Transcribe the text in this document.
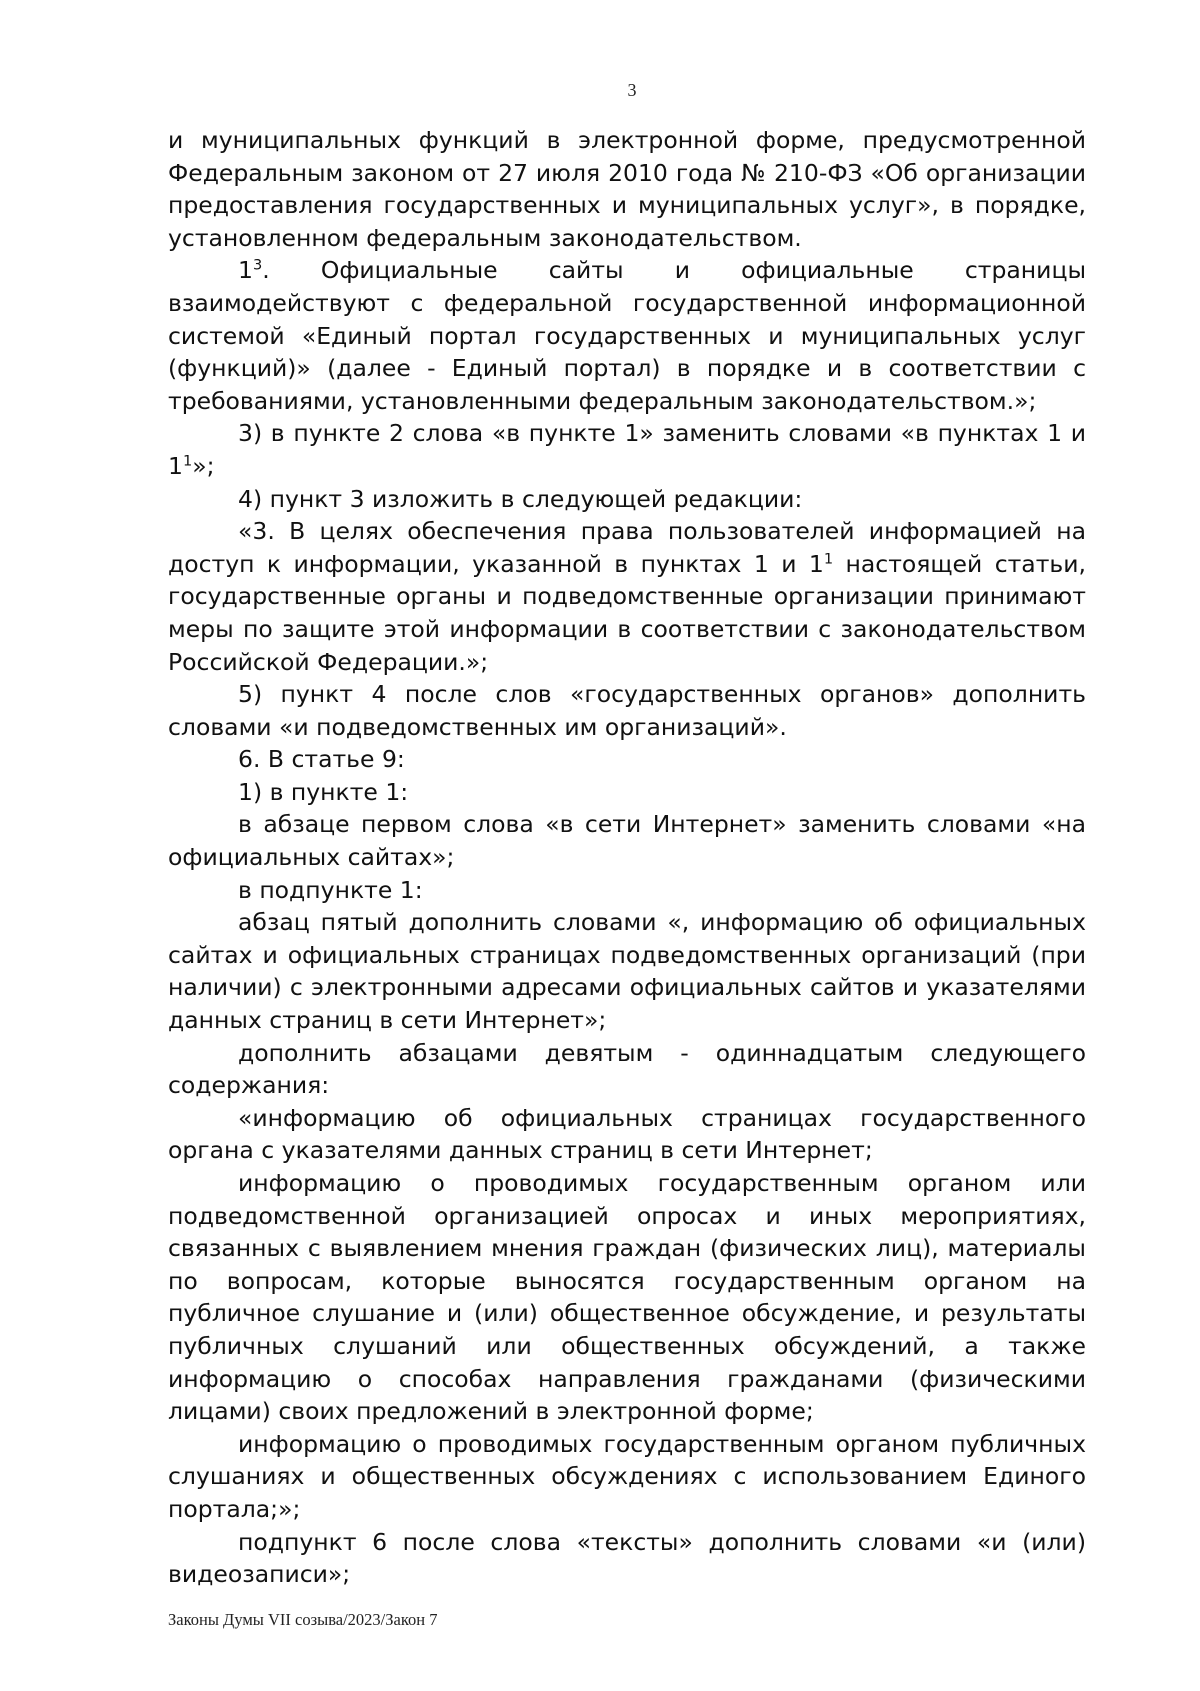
3

и муниципальных функций в электронной форме, предусмотренной Федеральным законом от 27 июля 2010 года № 210-ФЗ «Об организации предоставления государственных и муниципальных услуг», в порядке, установленном федеральным законодательством.

$1^3$. Официальные сайты и официальные страницы взаимодействуют с федеральной государственной информационной системой «Единый портал государственных и муниципальных услуг (функций)» (далее - Единый портал) в порядке и в соответствии с требованиями, установленными федеральным законодательством.»;

3) в пункте 2 слова «в пункте 1» заменить словами «в пунктах 1 и $1^1$»;

4) пункт 3 изложить в следующей редакции:

«3. В целях обеспечения права пользователей информацией на доступ к информации, указанной в пунктах 1 и $1^1$ настоящей статьи, государственные органы и подведомственные организации принимают меры по защите этой информации в соответствии с законодательством Российской Федерации.»;

5) пункт 4 после слов «государственных органов» дополнить словами «и подведомственных им организаций».

6. В статье 9:

1) в пункте 1:

в абзаце первом слова «в сети Интернет» заменить словами «на официальных сайтах»;

в подпункте 1:

абзац пятый дополнить словами «, информацию об официальных сайтах и официальных страницах подведомственных организаций (при наличии) с электронными адресами официальных сайтов и указателями данных страниц в сети Интернет»;

дополнить абзацами девятым - одиннадцатым следующего содержания:

«информацию об официальных страницах государственного органа с указателями данных страниц в сети Интернет;

информацию о проводимых государственным органом или подведомственной организацией опросах и иных мероприятиях, связанных с выявлением мнения граждан (физических лиц), материалы по вопросам, которые выносятся государственным органом на публичное слушание и (или) общественное обсуждение, и результаты публичных слушаний или общественных обсуждений, а также информацию о способах направления гражданами (физическими лицами) своих предложений в электронной форме;

информацию о проводимых государственным органом публичных слушаниях и общественных обсуждениях с использованием Единого портала;»;

подпункт 6 после слова «тексты» дополнить словами «и (или) видеозаписи»;

Законы Думы VII созыва/2023/Закон 7
